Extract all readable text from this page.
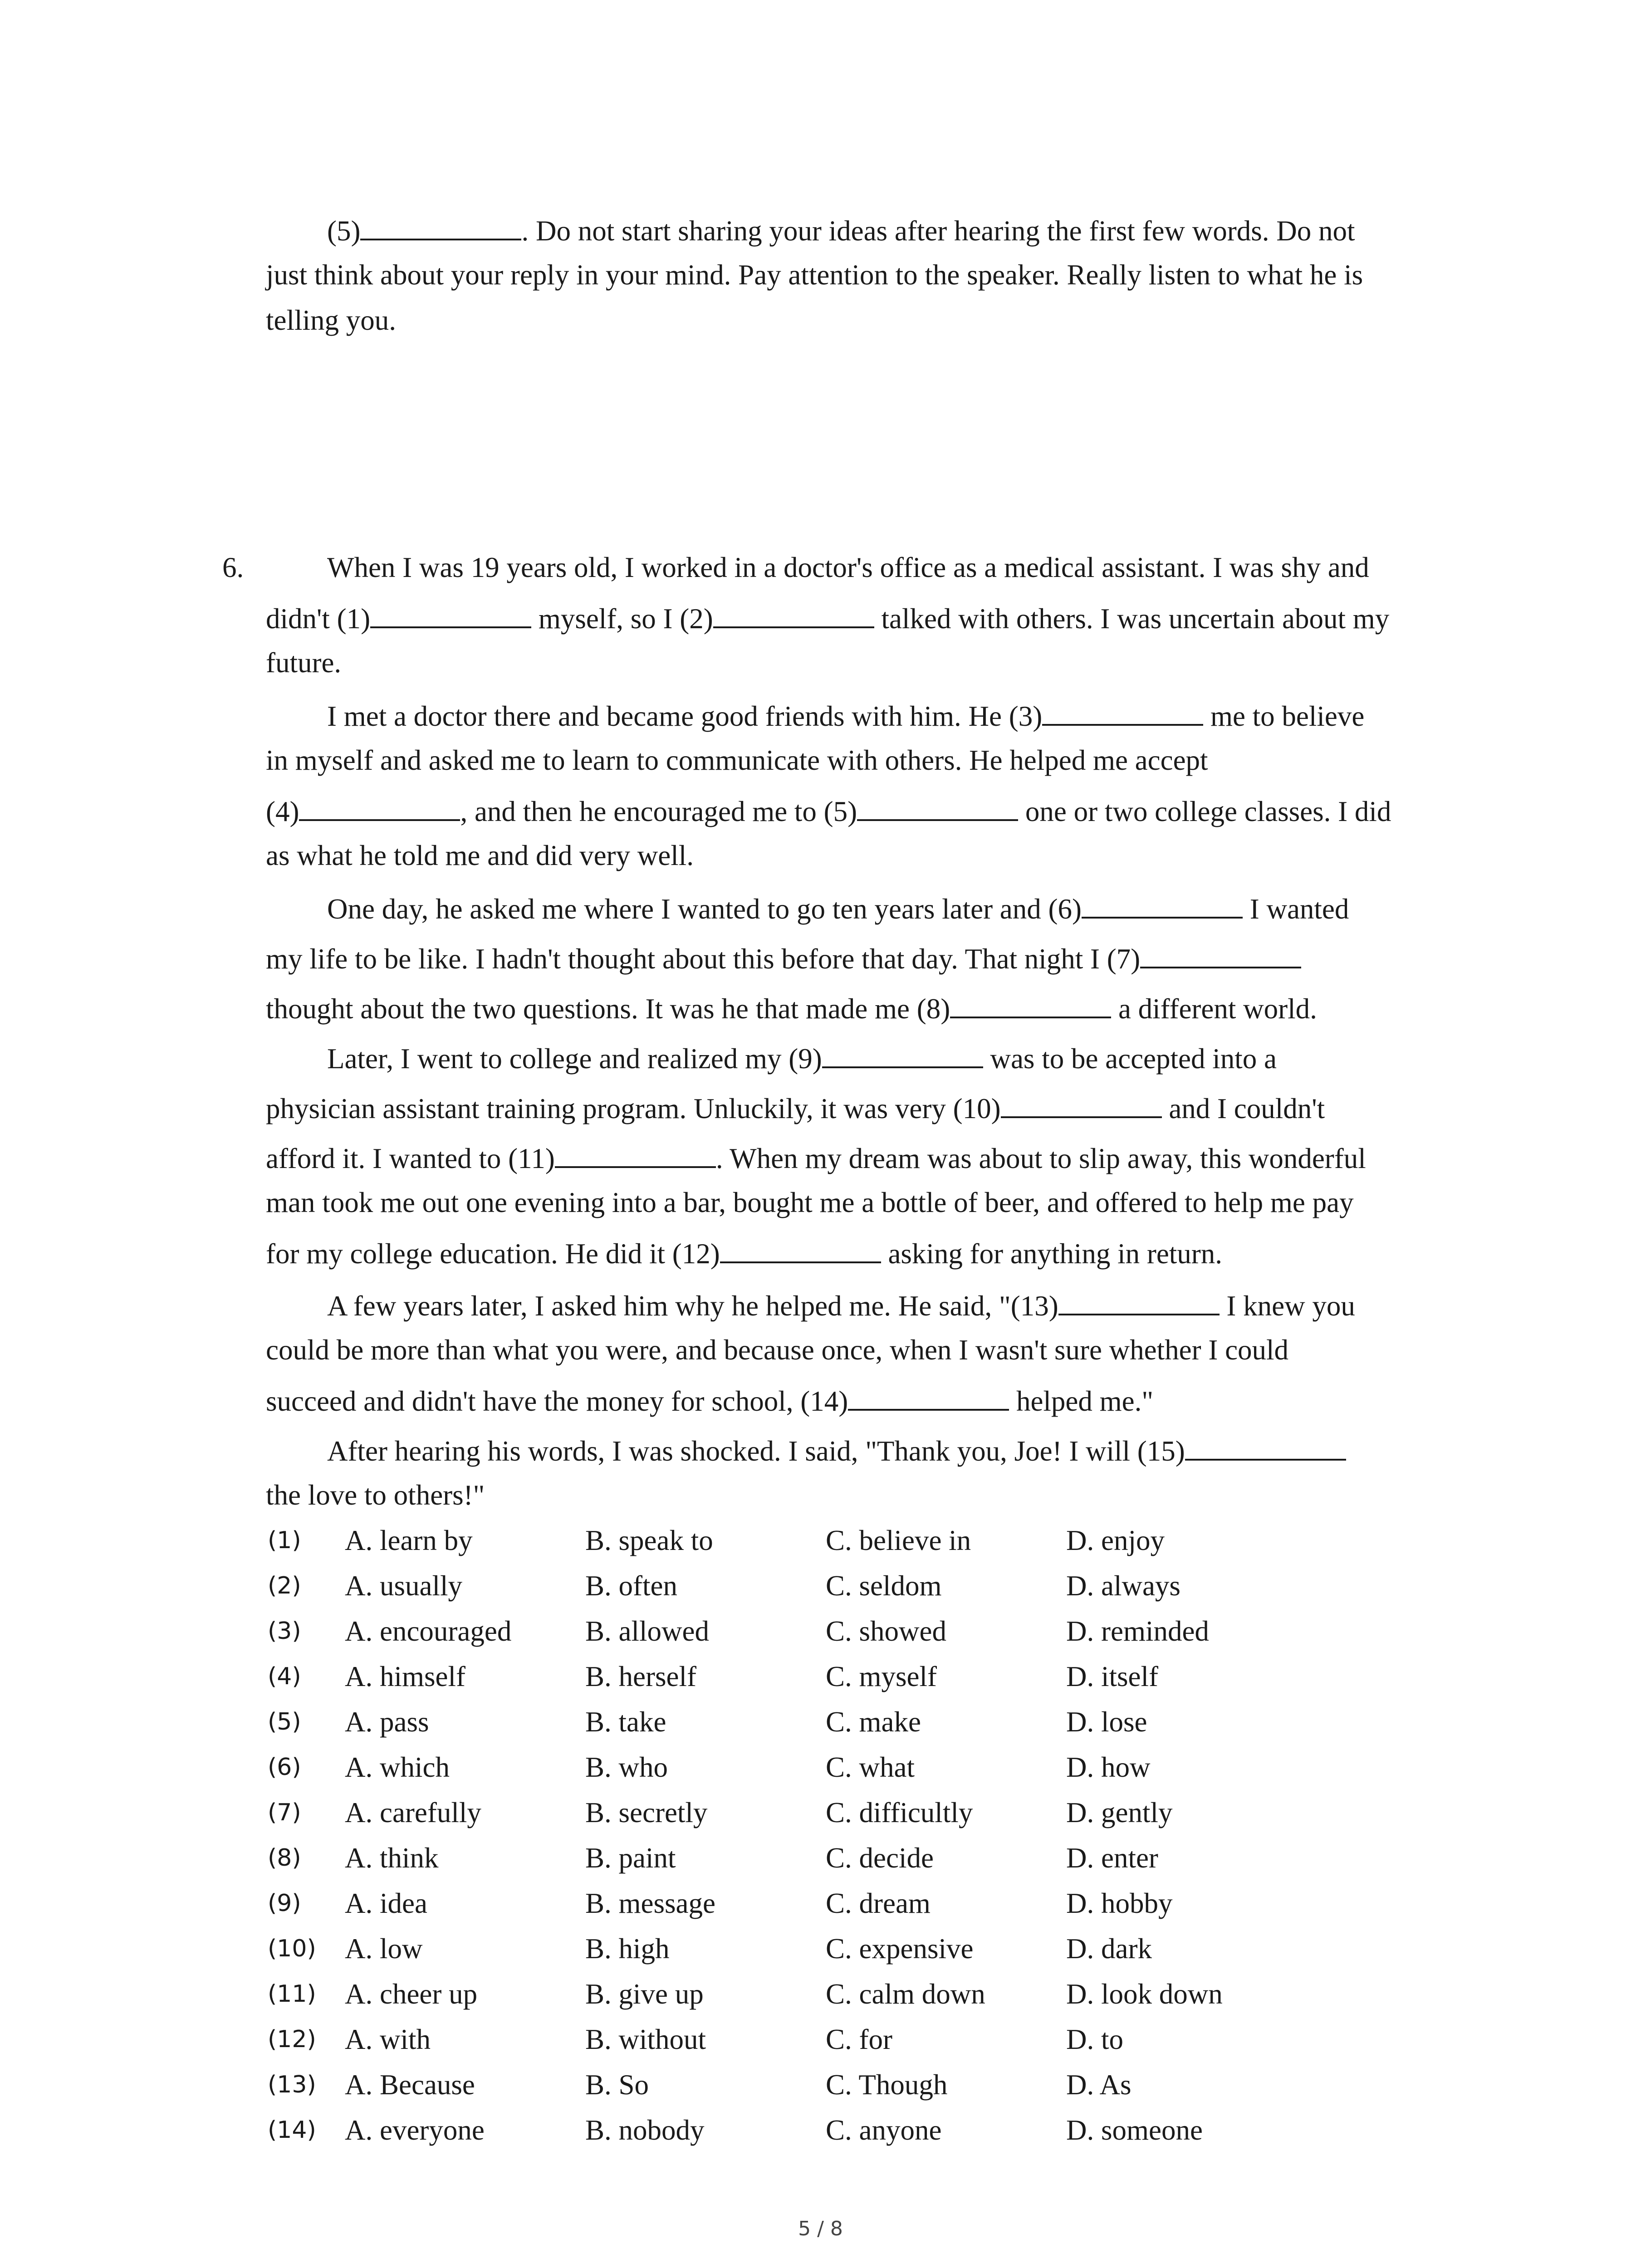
(5)	. Do not start sharing your ideas after hearing the first few words. Do not
just think about your reply in your mind. Pay attention to the speaker. Really listen to what he is
telling you.
6.	When I was 19 years old, I worked in a doctor's office as a medical assistant. I was shy and
didn't (1)	myself, so I (2)	talked with others. I was uncertain about my
future.
I met a doctor there and became good friends with him. He (3)	me to believe
in myself and asked me to learn to communicate with others. He helped me accept
(4)	, and then he encouraged me to (5)	one or two college classes. I did
as what he told me and did very well.
One day, he asked me where I wanted to go ten years later and (6)	I wanted
my life to be like. I hadn't thought about this before that day. That night I (7)
thought about the two questions. It was he that made me (8)	a different world.
Later, I went to college and realized my (9)	was to be accepted into a
physician assistant training program. Unluckily, it was very (10)	and I couldn't
afford it. I wanted to (11)	. When my dream was about to slip away, this wonderful
man took me out one evening into a bar, bought me a bottle of beer, and offered to help me pay
for my college education. He did it (12)	asking for anything in return.
A few years later, I asked him why he helped me. He said, "(13)	I knew you
could be more than what you were, and because once, when I wasn't sure whether I could
succeed and didn't have the money for school, (14)	helped me."
After hearing his words, I was shocked. I said, "Thank you, Joe! I will (15)
the love to others!"
(1) A. learn by	B. speak to	C. believe in	D. enjoy
(2) A. usually	B. often	C. seldom	D. always
(3) A. encouraged	B. allowed	C. showed	D. reminded
(4) A. himself	B. herself	C. myself	D. itself
(5) A. pass	B. take	C. make	D. lose
(6) A. which	B. who	C. what	D. how
(7) A. carefully	B. secretly	C. difficultly	D. gently
(8) A. think	B. paint	C. decide	D. enter
(9) A. idea	B. message	C. dream	D. hobby
(10) A. low	B. high	C. expensive	D. dark
(11) A. cheer up	B. give up	C. calm down	D. look down
(12) A. with	B. without	C. for	D. to
(13) A. Because	B. So	C. Though	D. As
(14) A. everyone	B. nobody	C. anyone	D. someone
5 / 8
